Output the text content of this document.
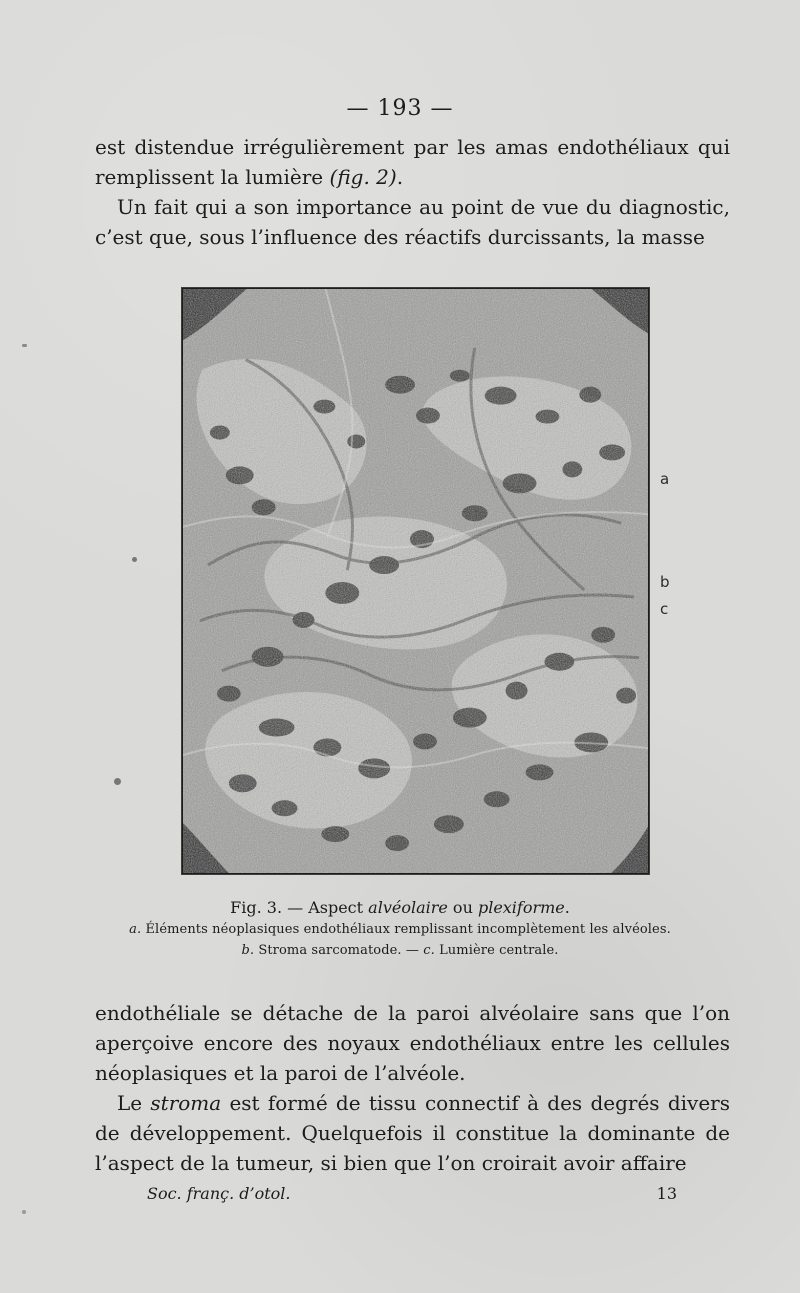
— 193 —

est distendue irrégulièrement par les amas endothéliaux qui remplissent la lumière (fig. 2).

Un fait qui a son importance au point de vue du diagnostic, c’est que, sous l’influence des réactifs durcissants, la masse

a
b
c
Fig. 3. — Aspect alvéolaire ou plexiforme.
a. Éléments néoplasiques endothéliaux remplissant incomplètement les alvéoles.
b. Stroma sarcomatode. — c. Lumière centrale.

endothéliale se détache de la paroi alvéolaire sans que l’on aperçoive encore des noyaux endothéliaux entre les cellules néoplasiques et la paroi de l’alvéole.

Le stroma est formé de tissu connectif à des degrés divers de développement. Quelquefois il constitue la dominante de l’aspect de la tumeur, si bien que l’on croirait avoir affaire

Soc. franç. d’otol.	13
